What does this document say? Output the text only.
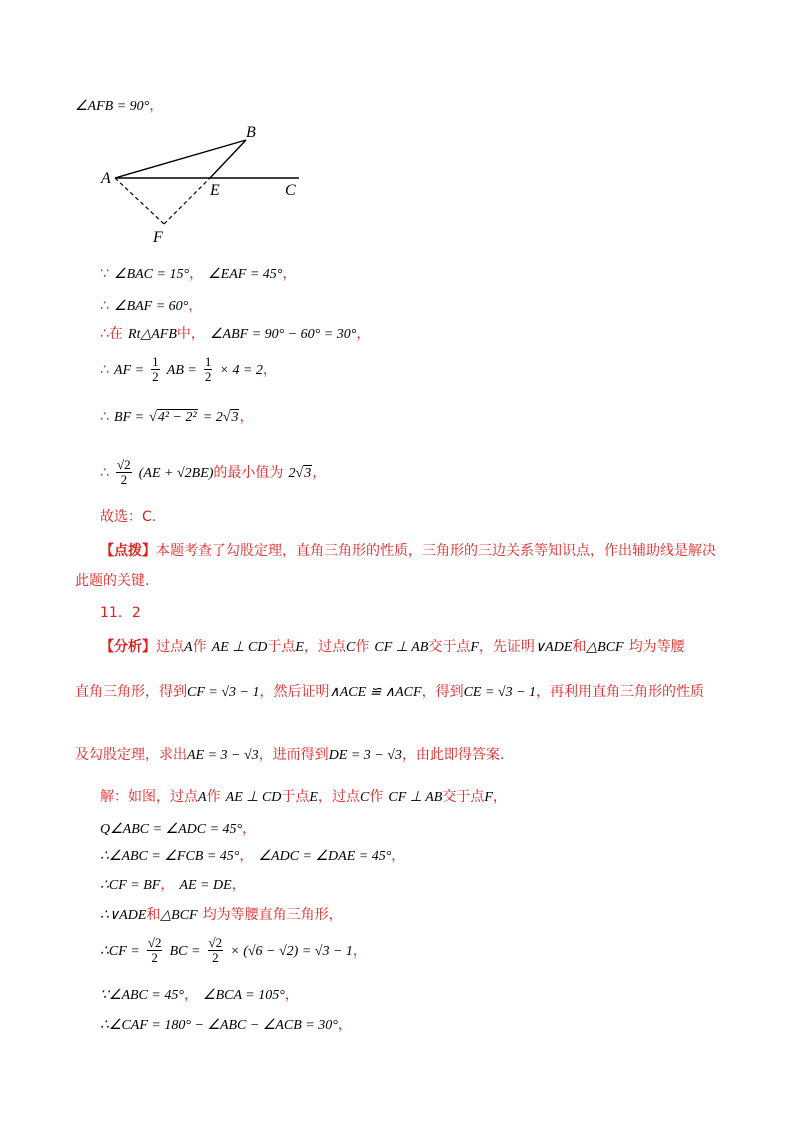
∠AFB = 90°，
A
B
E	C
F
∵ ∠BAC = 15°， ∠EAF = 45°，
∴ ∠BAF = 60°，
∴在 Rt△AFB中， ∠ABF = 90° − 60° = 30°，
∴ AF = $\frac{1}{2}$ AB = $\frac{1}{2} \times 4 = 2$，
∴ BF = √4² − 2² = 2√3，
∴ $\frac{√2}{2} (AE + √2BE)$的最小值为 2√3，
故选：C.
【点拨】本题考查了勾股定理，直角三角形的性质，三角形的三边关系等知识点，作出辅助线是解决
此题的关键.
11．2
【分析】过点A作 AE ⊥ CD于点E，过点C作 CF ⊥ AB交于点F，先证明∨ADE和△BCF 均为等腰
直角三角形，得到CF = √3 − 1，然后证明∧ACE ≌ ∧ACF，得到CE = √3 − 1，再利用直角三角形的性质
及勾股定理，求出AE = 3 − √3，进而得到DE = 3 − √3，由此即得答案.
解：如图，过点A作 AE ⊥ CD于点E，过点C作 CF ⊥ AB交于点F，
Q∠ABC = ∠ADC = 45°，
∴∠ABC = ∠FCB = 45°， ∠ADC = ∠DAE = 45°，
∴CF = BF， AE = DE，
∴∨ADE和△BCF 均为等腰直角三角形，
∴CF = $\frac{√2}{2}$ BC = $\frac{√2}{2} \times (√6 - √2) = √3 - 1$，
∵∠ABC = 45°， ∠BCA = 105°，
∴∠CAF = 180° − ∠ABC − ∠ACB = 30°，
